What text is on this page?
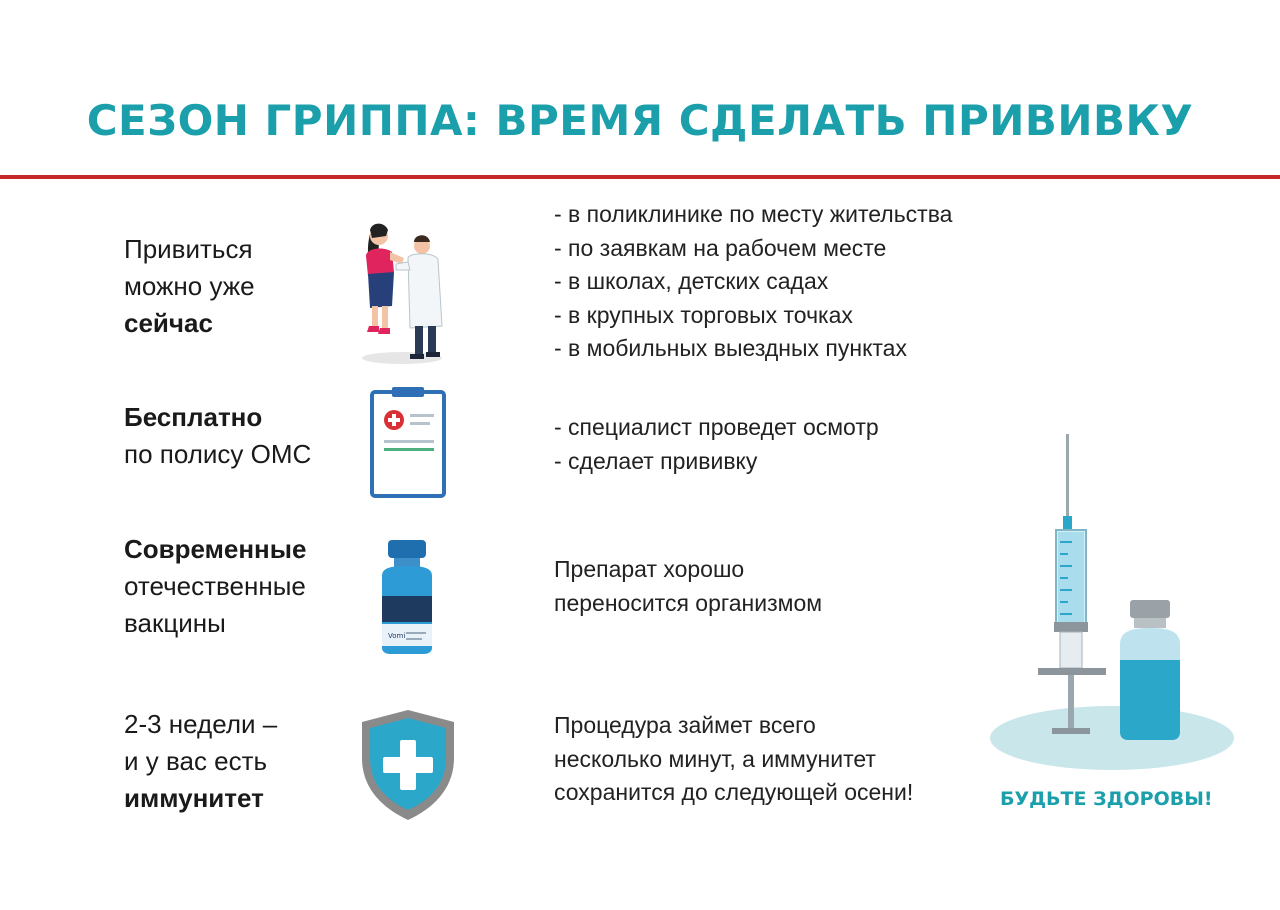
СЕЗОН ГРИППА: ВРЕМЯ СДЕЛАТЬ ПРИВИВКУ
Привиться
можно уже
сейчас
- в поликлинике по месту жительства
- по заявкам на рабочем месте
- в школах, детских садах
- в крупных торговых точках
- в мобильных выездных пунктах
Бесплатно
по полису ОМС
- специалист проведет осмотр
- сделает прививку
Современные
отечественные
вакцины	Vomi
Препарат хорошо
переносится организмом
2-3 недели –
и у вас есть
иммунитет
Процедура займет всего
несколько минут, а иммунитет
сохранится до следующей осени!	БУДЬТЕ ЗДОРОВЫ!
